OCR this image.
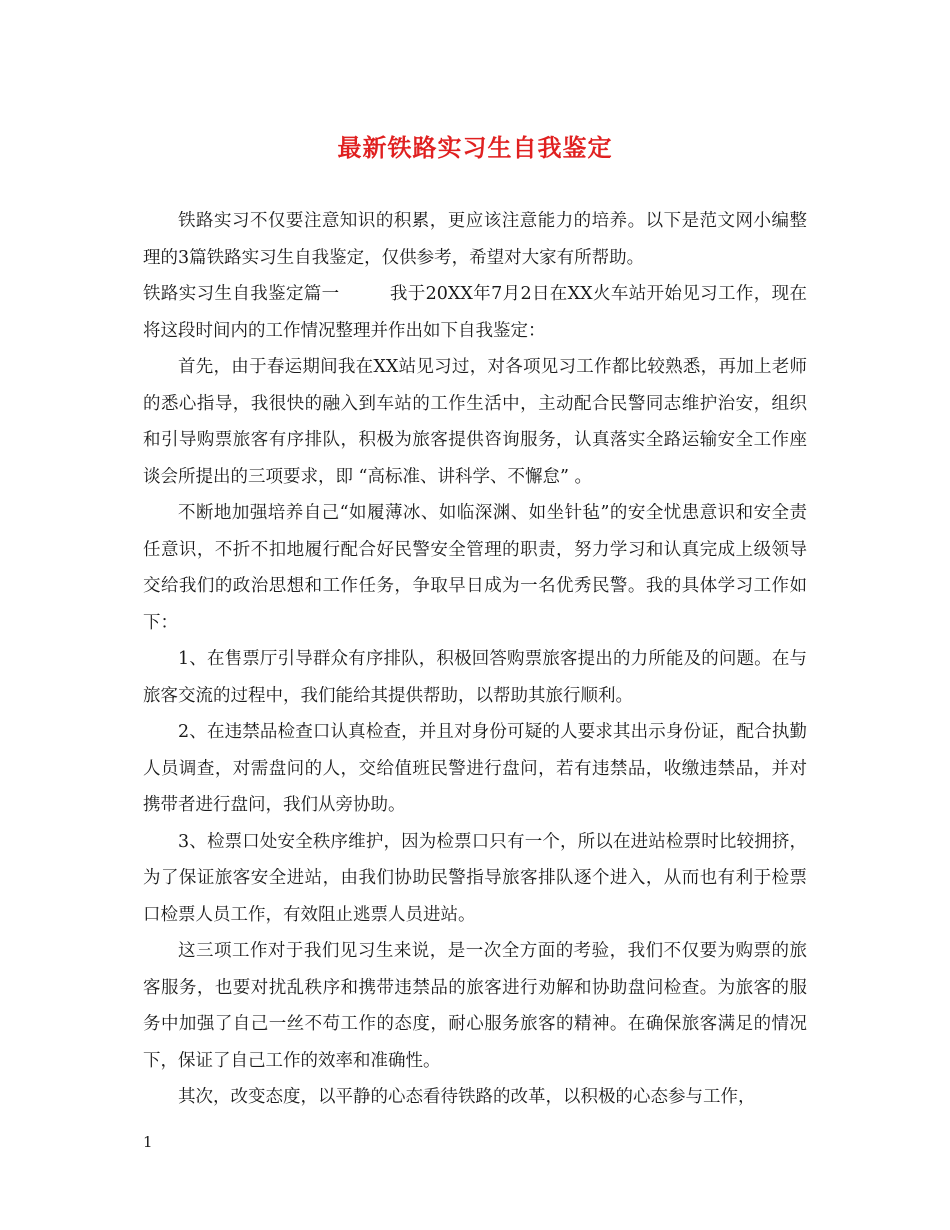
最新铁路实习生自我鉴定

铁路实习不仅要注意知识的积累，更应该注意能力的培养。以下是范文网小编整理的3篇铁路实习生自我鉴定，仅供参考，希望对大家有所帮助。

铁路实习生自我鉴定篇一	我于20XX年7月2日在XX火车站开始见习工作，现在将这段时间内的工作情况整理并作出如下自我鉴定：

首先，由于春运期间我在XX站见习过，对各项见习工作都比较熟悉，再加上老师的悉心指导，我很快的融入到车站的工作生活中，主动配合民警同志维护治安，组织和引导购票旅客有序排队，积极为旅客提供咨询服务，认真落实全路运输安全工作座谈会所提出的三项要求，即 “高标准、讲科学、不懈怠” 。

不断地加强培养自己“如履薄冰、如临深渊、如坐针毡”的安全忧患意识和安全责任意识，不折不扣地履行配合好民警安全管理的职责，努力学习和认真完成上级领导交给我们的政治思想和工作任务，争取早日成为一名优秀民警。我的具体学习工作如下：

1、在售票厅引导群众有序排队，积极回答购票旅客提出的力所能及的问题。在与旅客交流的过程中，我们能给其提供帮助，以帮助其旅行顺利。

2、在违禁品检查口认真检查，并且对身份可疑的人要求其出示身份证，配合执勤人员调查，对需盘问的人，交给值班民警进行盘问，若有违禁品，收缴违禁品，并对携带者进行盘问，我们从旁协助。

3、检票口处安全秩序维护，因为检票口只有一个，所以在进站检票时比较拥挤，为了保证旅客安全进站，由我们协助民警指导旅客排队逐个进入，从而也有利于检票口检票人员工作，有效阻止逃票人员进站。

这三项工作对于我们见习生来说，是一次全方面的考验，我们不仅要为购票的旅客服务，也要对扰乱秩序和携带违禁品的旅客进行劝解和协助盘问检查。为旅客的服务中加强了自己一丝不苟工作的态度，耐心服务旅客的精神。在确保旅客满足的情况下，保证了自己工作的效率和准确性。

其次，改变态度，以平静的心态看待铁路的改革，以积极的心态参与工作，

1
